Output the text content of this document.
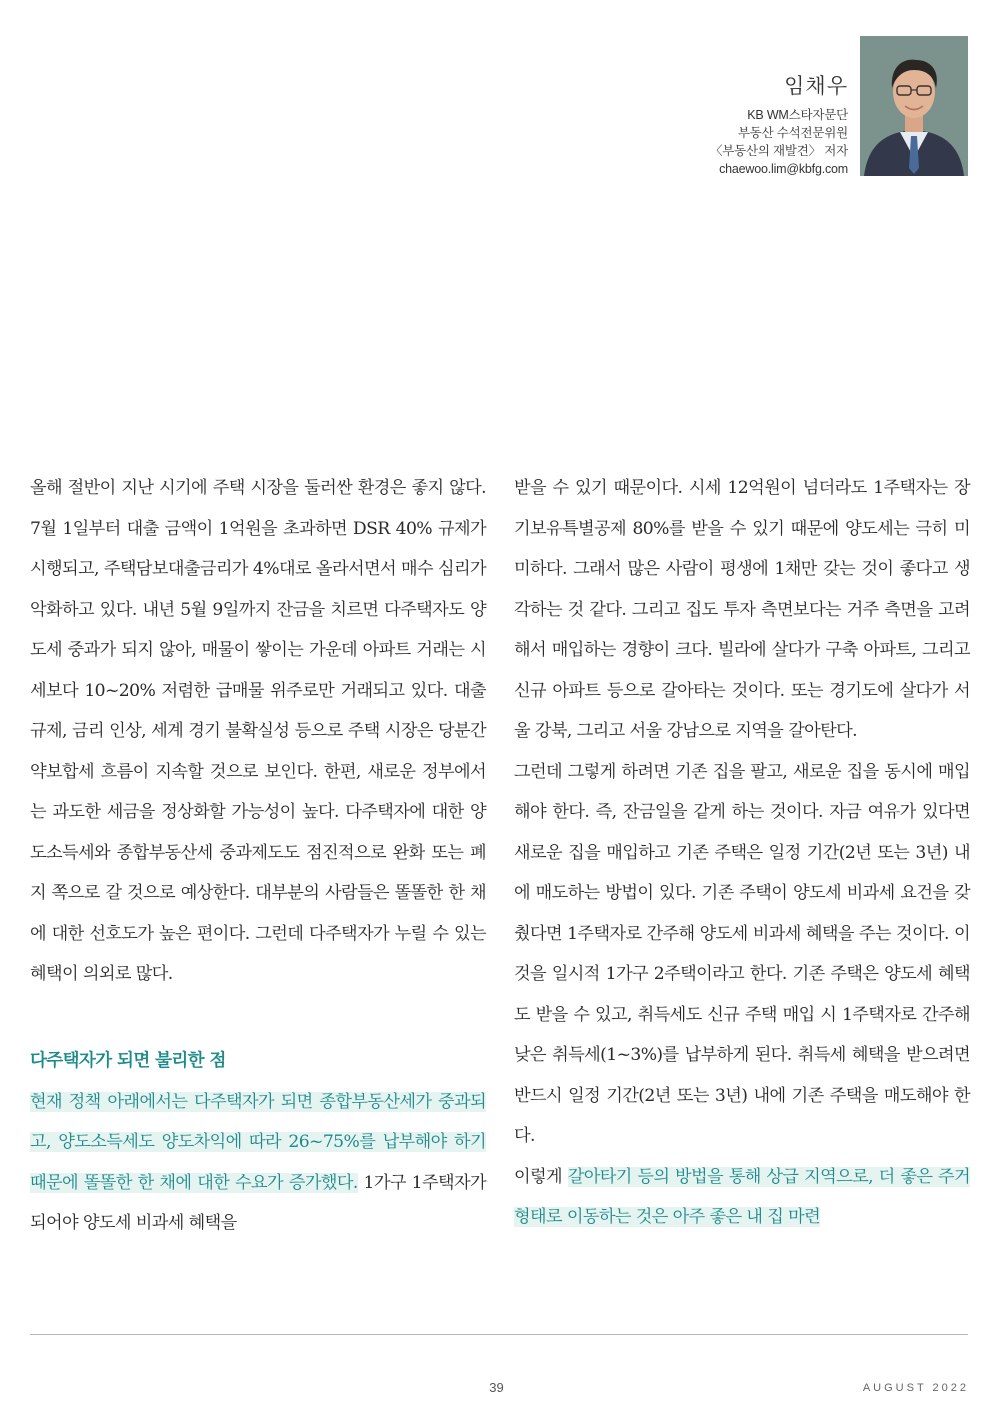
임채우
KB WM스타자문단
부동산 수석전문위원
〈부동산의 재발견〉 저자
chaewoo.lim@kbfg.com

올해 절반이 지난 시기에 주택 시장을 둘러싼 환경은 좋지 않다. 7월 1일부터 대출 금액이 1억원을 초과하면 DSR 40% 규제가 시행되고, 주택담보대출금리가 4%대로 올라서면서 매수 심리가 악화하고 있다. 내년 5월 9일까지 잔금을 치르면 다주택자도 양도세 중과가 되지 않아, 매물이 쌓이는 가운데 아파트 거래는 시세보다 10~20% 저렴한 급매물 위주로만 거래되고 있다. 대출 규제, 금리 인상, 세계 경기 불확실성 등으로 주택 시장은 당분간 약보합세 흐름이 지속할 것으로 보인다. 한편, 새로운 정부에서는 과도한 세금을 정상화할 가능성이 높다. 다주택자에 대한 양도소득세와 종합부동산세 중과제도도 점진적으로 완화 또는 폐지 쪽으로 갈 것으로 예상한다. 대부분의 사람들은 똘똘한 한 채에 대한 선호도가 높은 편이다. 그런데 다주택자가 누릴 수 있는 혜택이 의외로 많다.

다주택자가 되면 불리한 점

현재 정책 아래에서는 다주택자가 되면 종합부동산세가 중과되고, 양도소득세도 양도차익에 따라 26~75%를 납부해야 하기 때문에 똘똘한 한 채에 대한 수요가 증가했다. 1가구 1주택자가 되어야 양도세 비과세 혜택을

받을 수 있기 때문이다. 시세 12억원이 넘더라도 1주택자는 장기보유특별공제 80%를 받을 수 있기 때문에 양도세는 극히 미미하다. 그래서 많은 사람이 평생에 1채만 갖는 것이 좋다고 생각하는 것 같다. 그리고 집도 투자 측면보다는 거주 측면을 고려해서 매입하는 경향이 크다. 빌라에 살다가 구축 아파트, 그리고 신규 아파트 등으로 갈아타는 것이다. 또는 경기도에 살다가 서울 강북, 그리고 서울 강남으로 지역을 갈아탄다.

그런데 그렇게 하려면 기존 집을 팔고, 새로운 집을 동시에 매입해야 한다. 즉, 잔금일을 같게 하는 것이다. 자금 여유가 있다면 새로운 집을 매입하고 기존 주택은 일정 기간(2년 또는 3년) 내에 매도하는 방법이 있다. 기존 주택이 양도세 비과세 요건을 갖췄다면 1주택자로 간주해 양도세 비과세 혜택을 주는 것이다. 이것을 일시적 1가구 2주택이라고 한다. 기존 주택은 양도세 혜택도 받을 수 있고, 취득세도 신규 주택 매입 시 1주택자로 간주해 낮은 취득세(1~3%)를 납부하게 된다. 취득세 혜택을 받으려면 반드시 일정 기간(2년 또는 3년) 내에 기존 주택을 매도해야 한다.

이렇게 갈아타기 등의 방법을 통해 상급 지역으로, 더 좋은 주거 형태로 이동하는 것은 아주 좋은 내 집 마련

39	AUGUST 2022
